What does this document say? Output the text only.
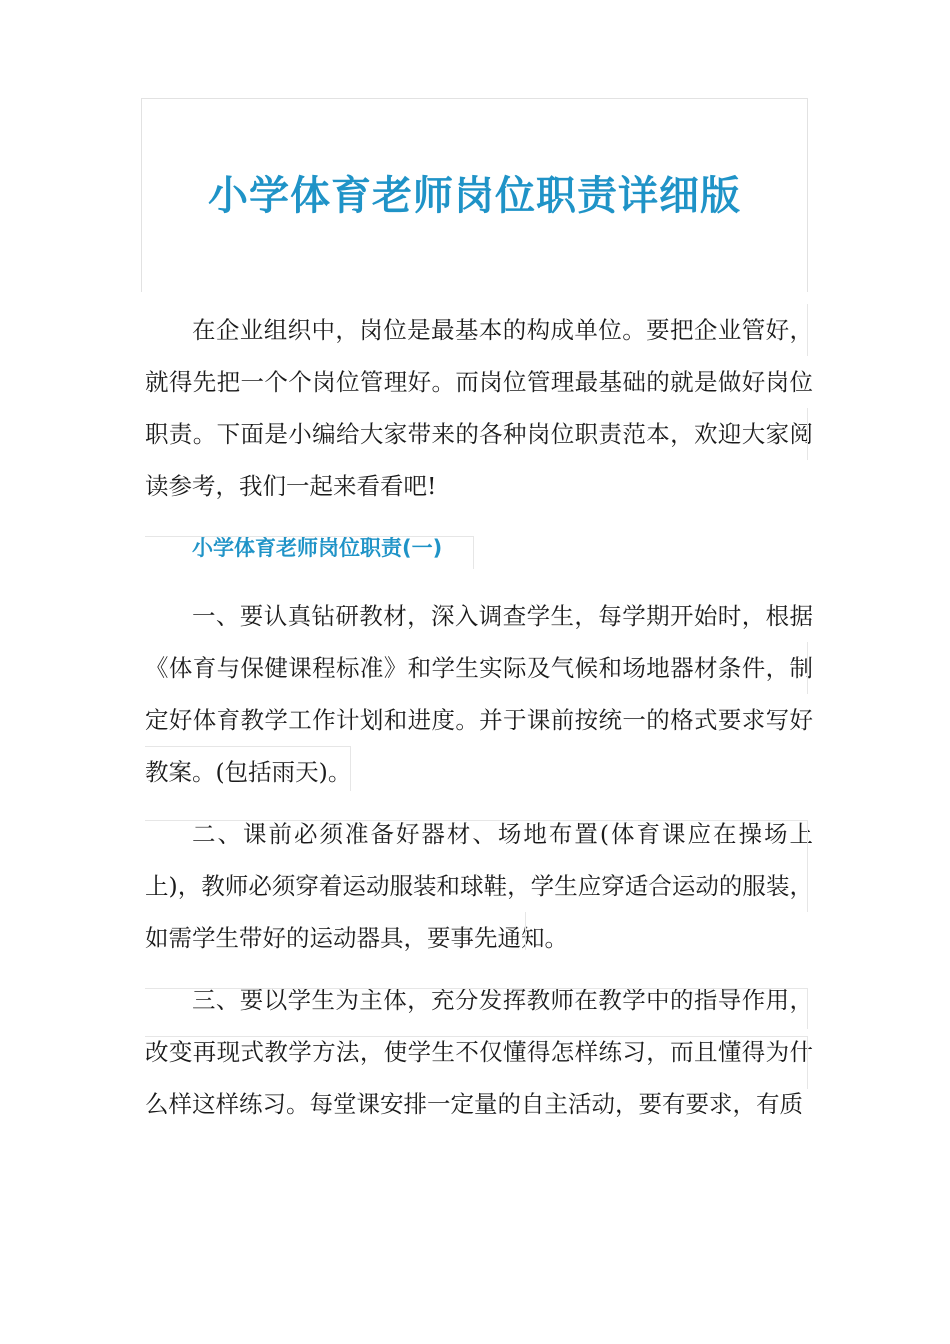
小学体育老师岗位职责详细版

在企业组织中，岗位是最基本的构成单位。要把企业管好，就得先把一个个岗位管理好。而岗位管理最基础的就是做好岗位职责。下面是小编给大家带来的各种岗位职责范本，欢迎大家阅读参考，我们一起来看看吧!

小学体育老师岗位职责(一)

一、要认真钻研教材，深入调查学生，每学期开始时，根据《体育与保健课程标准》和学生实际及气候和场地器材条件，制定好体育教学工作计划和进度。并于课前按统一的格式要求写好教案。(包括雨天)。

二、课前必须准备好器材、场地布置(体育课应在操场上上)，教师必须穿着运动服装和球鞋，学生应穿适合运动的服装，如需学生带好的运动器具，要事先通知。

三、要以学生为主体，充分发挥教师在教学中的指导作用，改变再现式教学方法，使学生不仅懂得怎样练习，而且懂得为什么样这样练习。每堂课安排一定量的自主活动，要有要求，有质
